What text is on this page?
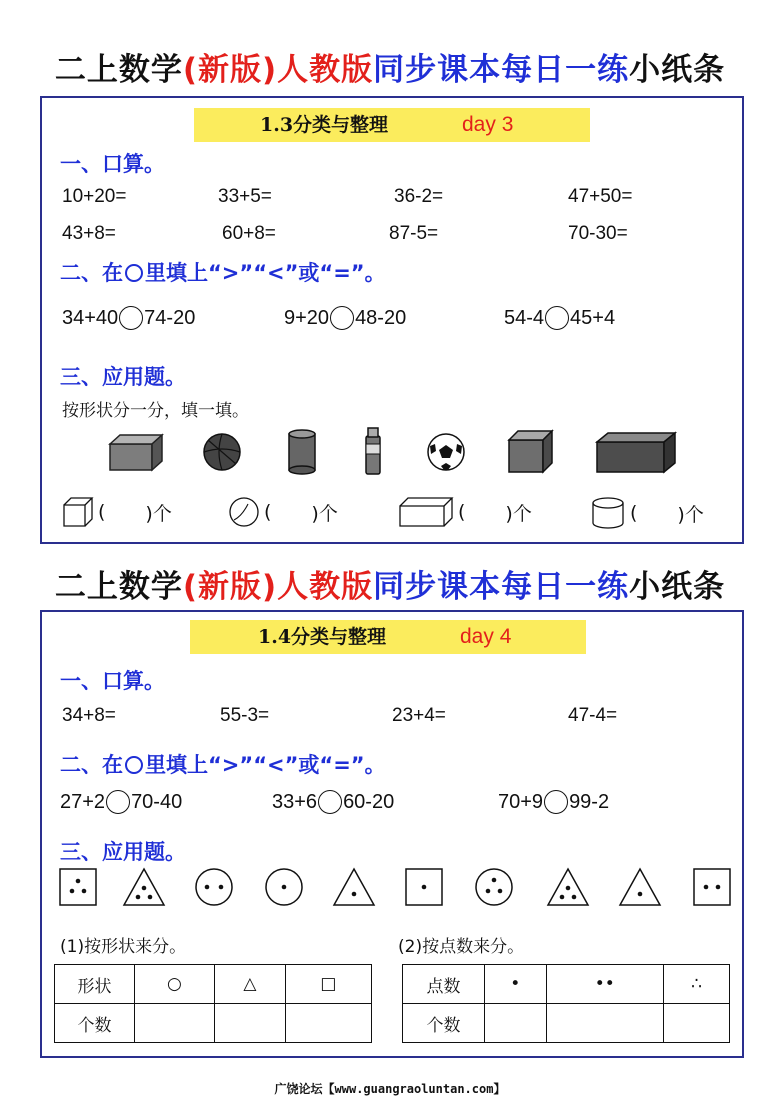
二上数学(新版)人教版同步课本每日一练小纸条
1.3分类与整理	day 3
一、口算。
10+20=	33+5=	36-2=	47+50=
43+8=	60+8=	87-5=	70-30=
二、在 里填上“>”“<”或“=”。
34+40 74-20	9+20 48-20	54-4 45+4
三、应用题。
按形状分一分，填一填。
( )个	( )个	( )个	( )个
二上数学(新版)人教版同步课本每日一练小纸条
1.4分类与整理	day 4
一、口算。
34+8=	55-3=	23+4=	47-4=
二、在 里填上“>”“<”或“=”。
27+2 70-40	33+6 60-20	70+9 99-2
三、应用题。
(1)按形状来分。	(2)按点数来分。
形状	○	△	□
个数			
点数	•	••	∴
个数			
广饶论坛【www.guangraoluntan.com】
